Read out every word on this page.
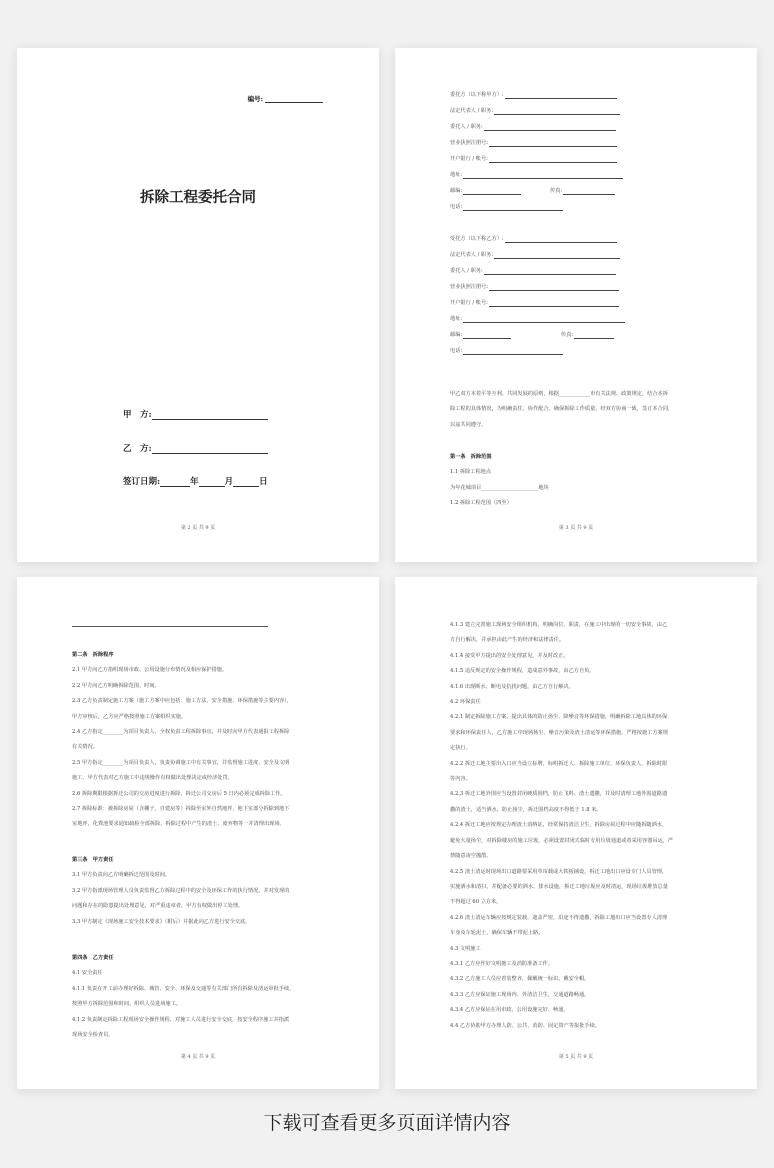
编号:
拆除工程委托合同
甲　方:
乙　方:
签订日期:	年	月	日
第 2 页 共 9 页
委托方（以下称甲方）:
法定代表人 / 职务:
委托人 / 职务:
营业执照注册号:
开户银行 / 帐号:
地址:
邮编:	传真:
电话:
受托方（以下称乙方）:
法定代表人 / 职务:
委托人 / 职务:
营业执照注册号:
开户银行 / 帐号:
地址:
邮编:	传真:
电话:
甲乙双方本着平等互利、共同发展的原则，根据____________市有关法规、政策规定，结合本拆
除工程的具体情况，为明确责任、协作配合、确保拆除工作质量，经双方协商一致，签订本合同，
以兹共同遵守。
第一条　拆除范围
1.1 拆除工程地点
为年花城项目______________________地块
1.2 拆除工程范围（四至）
第 3 页 共 9 页
第二条　拆除程序
2.1 甲方向乙方指明现场市政、公用设施分布情况及相应保护措施。
2.2 甲方向乙方明确拆除范围、时间。
2.3 乙方负责制定施工方案（施工方案中应包括：施工方法、安全措施、环保措施等主要内容），
甲方审核后，乙方应严格按照施工方案组织实施。
2.4 乙方指定________为项目负责人，全权负责工程拆除事宜，并及时向甲方代表通报工程拆除
有关情况。
2.5 甲方指定________为项目负责人，负责协调施工中有关事宜，并监督施工进度、安全及文明
施工，甲方代表对乙方施工中违规操作有权做出处理决定或经济处罚。
2.6 拆除期限根据拆迁公司的交房进度进行拆除，拆迁公司交房后 5 日内必须完成拆除工作。
2.7 拆除标准：被拆除房屋（含棚子、自建房等）拆除至室外自然地坪，地下室部分拆除到地下
室地坪，化粪池要求通知疏检全部拆除，拆除过程中产生的渣土、废弃物等一并清理出现场。
第三条　甲方责任
3.1 甲方负责向乙方明确拆迁范围及时间。
3.2 甲方指派现场管理人员负责监督乙方拆除过程中的安全及环保工作的执行情况，并对发现的
问题和存在的隐患提出处理意见，对严重违章者，甲方有权做出停工处理。
3.3 甲方制定《现场施工安全技术要求》（附后）并据此向乙方进行安全交底。
第四条　乙方责任
4.1 安全责任
4.1.1 负责在开工前办理好拆除、城管、安全、环保及交通等有关部门所有拆除及清运审批手续，
按照甲方拆除范围和时间，组织人员进场施工。
4.1.2 负责制定拆除工程现场安全操作规程，对施工人员进行安全交底，按安全程序施工并指派
现场安全检查员。
第 4 页 共 9 页
4.1.3 建立完善施工现场安全组织机构，明确岗位、职责，在施工中出现的一切安全事故，由乙
方自行解决，并承担由此产生的经济和法律责任。
4.1.4 接受甲方提出的安全处理意见，并及时改正。
4.1.5 违反规定的安全操作规程，造成意外事故，由乙方自负。
4.1.6 出现断水、断电及抗扰问题，由乙方自行解决。
4.2 环保责任
4.2.1 制定拆除施工方案，提出具体的防止扬尘、降噪音等环保措施，明确拆除工地具体的环保
要求和环保责任人，乙方施工中现场扬尘、噪音污染及渣土清运等环保措施，严格按施工方案规
定执行。
4.2.2 拆迁工地主要出入口应当设立标牌，标明拆迁人、拆除施工单位、环保负责人、拆除时限
等内容。
4.2.3 拆迁工地外围应当设置封闭硬质围档，防止飞料、渣土遗撒，并及时清理工地外围道路遗
撒的渣土，适当洒水，防止扬尘，拆迁围档高度不得低于 1.8 米。
4.2.4 拆迁工地应按规定办理渣土消纳证，经常保持清洁卫生，拆除房屋过程中应随拆随洒水，
避免大量扬尘，对拆除楼房的施工垃圾，必须设置封闭式临时专用垃圾通道或者采用容器吊运，严
禁随意凌空抛散。
4.2.5 渣土清运时现场出口道路要采用草帘载或大铁板铺设，拆迁工地出口应设专门人员管理，
实施洒水和清扫，并配备必要的洒水、排水设施，拆迁工地垃圾应及时清运，现场垃圾堆放总量
不得超过 60 立方米。
4.2.6 渣土清运车辆应按规定装载，遮盖严密，沿途不得遗撒，拆除工地出口应当设置专人清理
车身及车轮泥土，确保车辆不带泥上路。
4.3 文明施工
4.3.1 乙方应作好文明施工及消防准备工作。
4.3.2 乙方施工人员应着装整齐，佩戴统一标识，戴安全帽。
4.3.3 乙方应保证施工现场内、外清洁卫生，交通道路畅通。
4.3.4 乙方应保证在用市政、公用设施完好、畅通。
4.4 乙方协助甲方办理人防、公共、消防、固定资产等报批手续。
第 5 页 共 9 页
下载可查看更多页面详情内容
